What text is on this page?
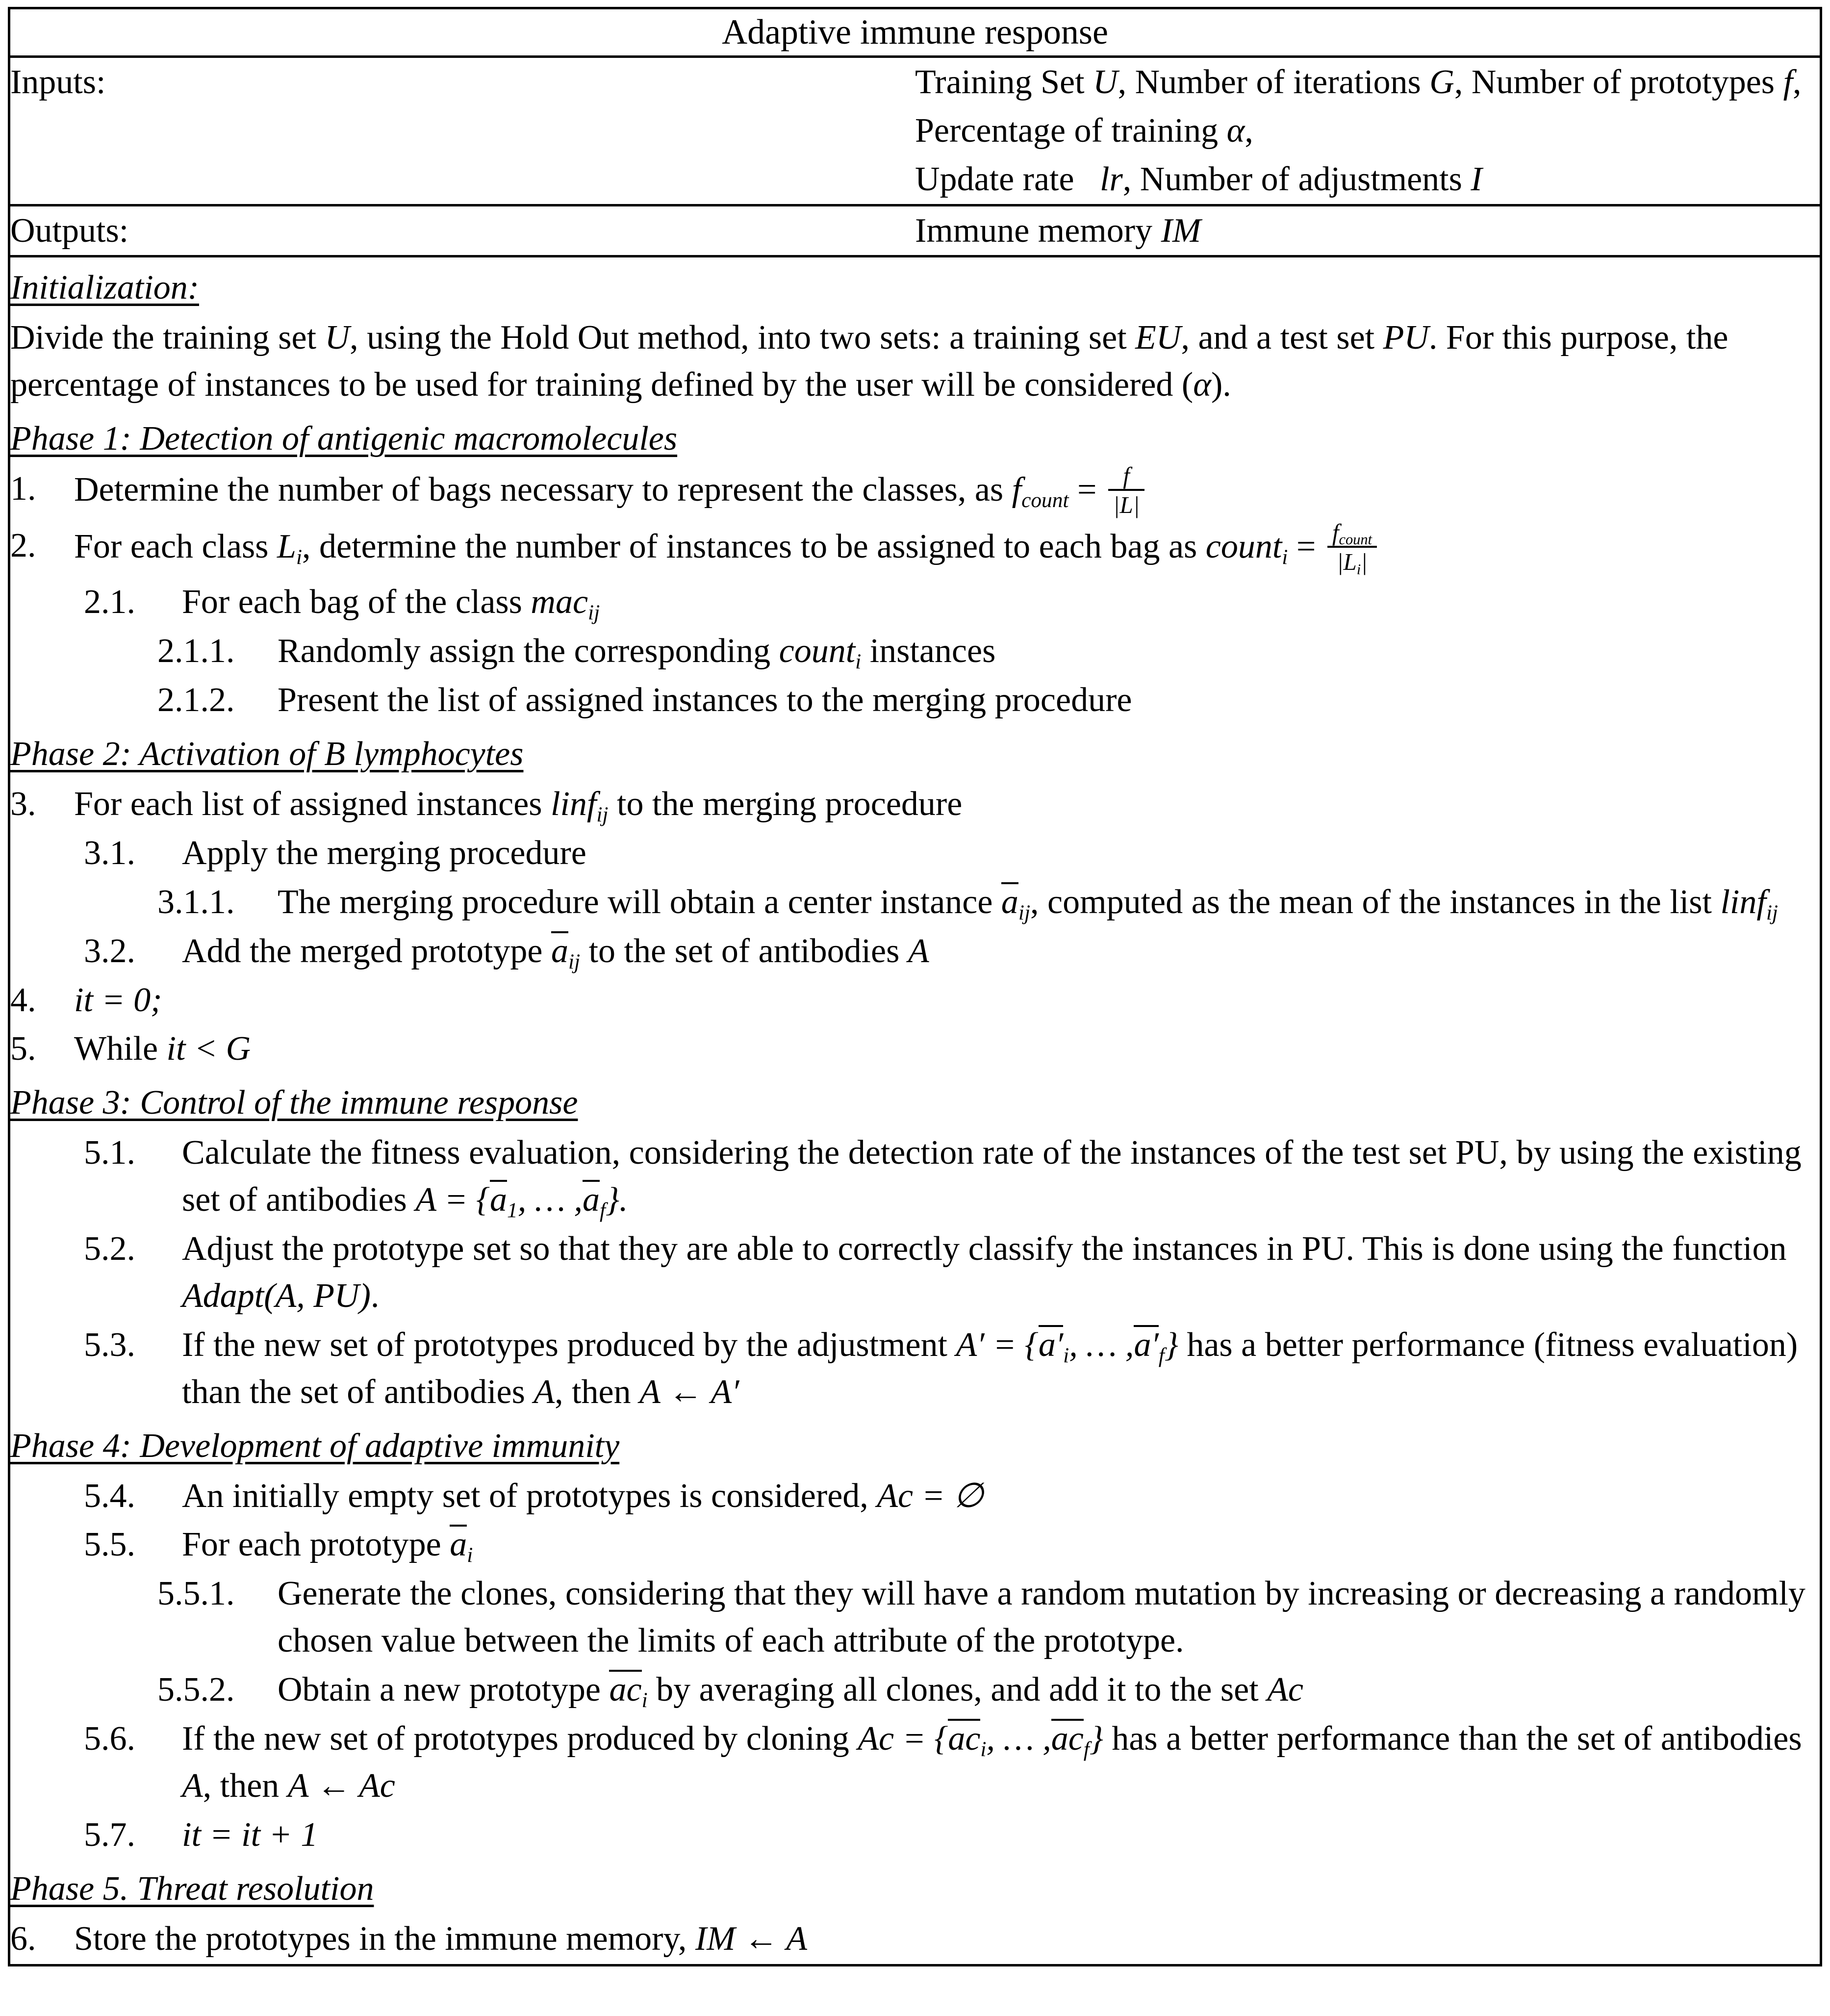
Adaptive immune response	
Inputs:	Training Set U, Number of iterations G, Number of prototypes f, Percentage of training α,
Update rate lr, Number of adjustments I

Outputs:	Immune memory IM

Initialization:
Divide the training set U, using the Hold Out method, into two sets: a training set EU, and a test set PU. For this purpose, the percentage of instances to be used for training defined by the user will be considered (α).
Phase 1: Detection of antigenic macromolecules
1.	Determine the number of bags necessary to represent the classes, as $f_{count} = \frac{f}{|L|}$
2.	For each class $L_i$, determine the number of instances to be assigned to each bag as count$_i$ = $\frac{f_{count}}{|L_i|}$
2.1.	For each bag of the class mac$_{ij}$
2.1.1.	Randomly assign the corresponding count$_i$ instances
2.1.2.	Present the list of assigned instances to the merging procedure
Phase 2: Activation of B lymphocytes
3.	For each list of assigned instances linf$_{ij}$ to the merging procedure
3.1.	Apply the merging procedure
3.1.1.	The merging procedure will obtain a center instance $a_{ij}$, computed as the mean of the instances in the list linf$_{ij}$
3.2.	Add the merged prototype $a_{ij}$ to the set of antibodies A
4.	it = 0;
5.	While it < G
Phase 3: Control of the immune response
5.1.	Calculate the fitness evaluation, considering the detection rate of the instances of the test set PU, by using the existing set of antibodies $A = \{a_1$, … $,a_f$}.
5.2.	Adjust the prototype set so that they are able to correctly classify the instances in PU. This is done using the function Adapt(A, PU).
5.3.	If the new set of prototypes produced by the adjustment $A' = \{a'_i$, … $,a'_f$} has a better performance (fitness evaluation) than the set of antibodies A, then A ← A′
Phase 4: Development of adaptive immunity
5.4.	An initially empty set of prototypes is considered, Ac = ∅
5.5.	For each prototype $a_i$
5.5.1.	Generate the clones, considering that they will have a random mutation by increasing or decreasing a randomly chosen value between the limits of each attribute of the prototype.
5.5.2.	Obtain a new prototype $ac_i$ by averaging all clones, and add it to the set Ac
5.6.	If the new set of prototypes produced by cloning $Ac = \{ac_i$, … $,ac_f$} has a better performance than the set of antibodies A, then A ← Ac
5.7.	it = it + 1
Phase 5. Threat resolution
6.	Store the prototypes in the immune memory, IM ← A
